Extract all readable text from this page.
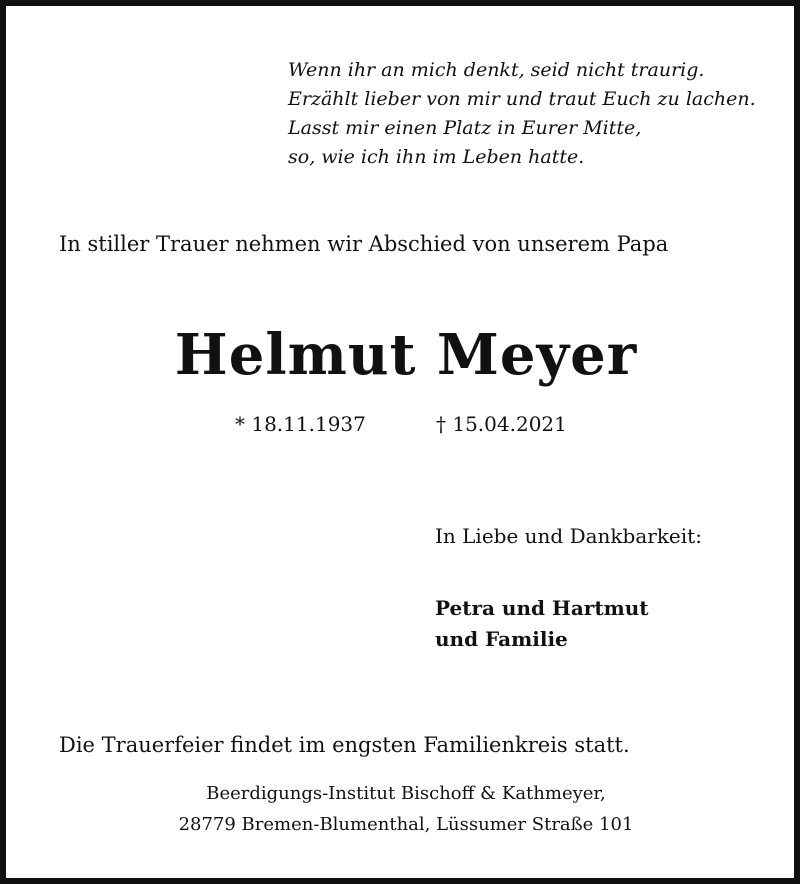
Wenn ihr an mich denkt, seid nicht traurig.
Erzählt lieber von mir und traut Euch zu lachen.
Lasst mir einen Platz in Eurer Mitte,
so, wie ich ihn im Leben hatte.
In stiller Trauer nehmen wir Abschied von unserem Papa
Helmut Meyer
* 18.11.1937	† 15.04.2021
In Liebe und Dankbarkeit:
Petra und Hartmut
und Familie
Die Trauerfeier findet im engsten Familienkreis statt.
Beerdigungs-Institut Bischoff & Kathmeyer,
28779 Bremen-Blumenthal, Lüssumer Straße 101
